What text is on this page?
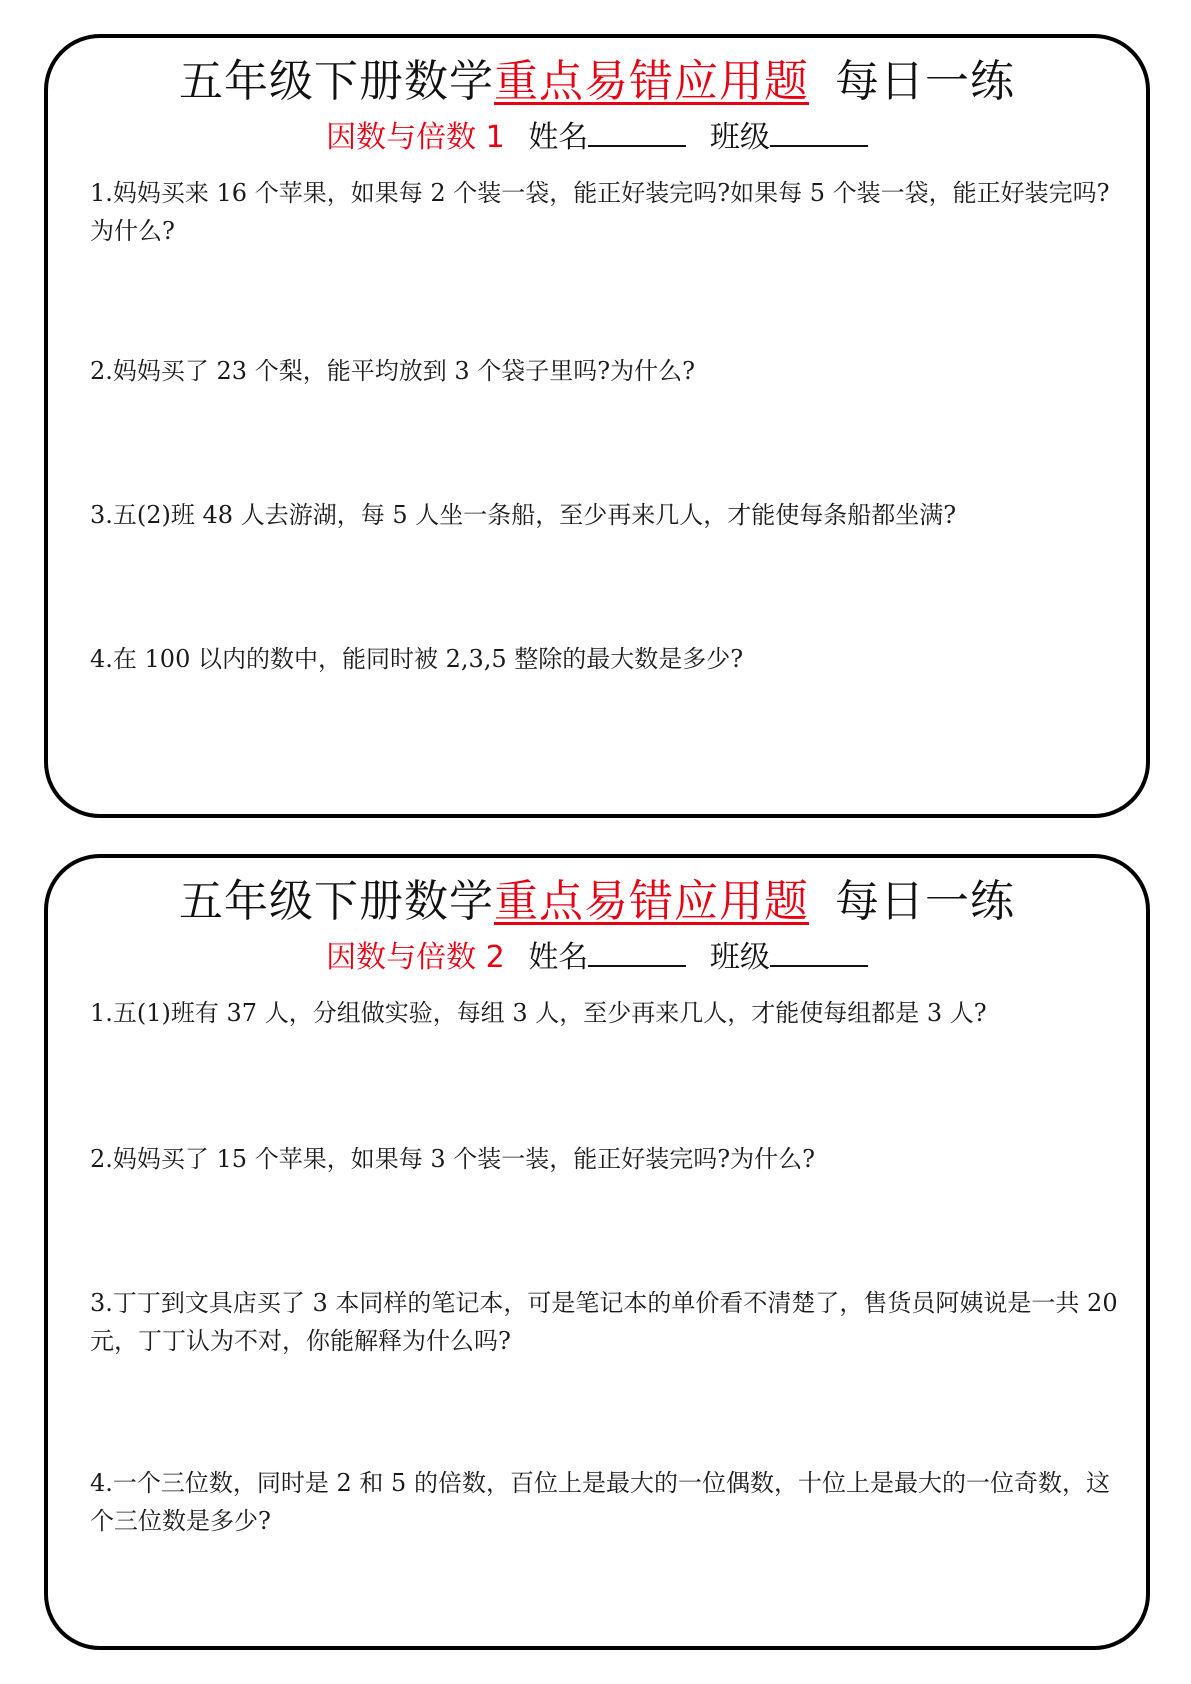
五年级下册数学重点易错应用题 每日一练
因数与倍数 1 姓名	班级
1.妈妈买来 16 个苹果，如果每 2 个装一袋，能正好装完吗?如果每 5 个装一袋，能正好装完吗?为什么?
2.妈妈买了 23 个梨，能平均放到 3 个袋子里吗?为什么?
3.五(2)班 48 人去游湖，每 5 人坐一条船，至少再来几人，才能使每条船都坐满?
4.在 100 以内的数中，能同时被 2,3,5 整除的最大数是多少?
五年级下册数学重点易错应用题 每日一练
因数与倍数 2 姓名	班级
1.五(1)班有 37 人，分组做实验，每组 3 人，至少再来几人，才能使每组都是 3 人?
2.妈妈买了 15 个苹果，如果每 3 个装一装，能正好装完吗?为什么?
3.丁丁到文具店买了 3 本同样的笔记本，可是笔记本的单价看不清楚了，售货员阿姨说是一共 20 元，丁丁认为不对，你能解释为什么吗?
4.一个三位数，同时是 2 和 5 的倍数，百位上是最大的一位偶数，十位上是最大的一位奇数，这个三位数是多少?
